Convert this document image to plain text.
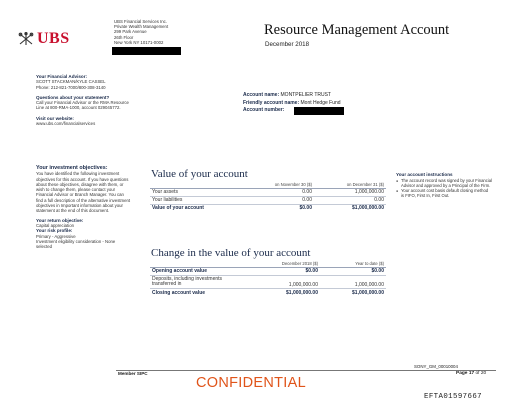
UBS
UBS Financial Services Inc.
Private Wealth Management
299 Park Avenue
26th Floor
New York NY 10171-0002
Resource Management Account
December 2018
Your Financial Advisor:
SCOTT STACKMAN/KYLE CASSEL
Phone: 212-821-7000/800-308-3140
Questions about your statement?
Call your Financial Advisor or the RMA Resource Line at 800-RMA-1000, account 029045772.
Visit our website:
www.ubs.com/financialservices
Account name: MONTPELIER TRUST
Friendly account name: Mont Hedge Fund
Account number:
Your investment objectives:
You have identified the following investment objectives for this account. If you have questions about these objectives, disagree with them, or wish to change them, please contact your Financial Advisor or Branch Manager. You can find a full description of the alternative investment objectives in Important information about your statement at the end of this document.
Your return objective:
Capital appreciation
Your risk profile:
Primary - Aggressive
Investment eligibility consideration - None selected
Value of your account
	on November 30 ($)	on December 31 ($)
Your assets	0.00	1,000,000.00
Your liabilities	0.00	0.00
Value of your account	$0.00	$1,000,000.00
Change in the value of your account
	December 2018 ($)	Year to date ($)
Opening account value	$0.00	$0.00

Deposits, including investments
transferred in	1,000,000.00	1,000,000.00
Closing account value	$1,000,000.00	$1,000,000.00
Your account instructions
● The account record was signed by your Financial Advisor and approved by a Principal of the Firm.
● Your account cost basis default closing method is FIFO, First In, First Out.
SONY_GM_00010004
Member SIPC	Page 17 of 20
CONFIDENTIAL
EFTA01597667
